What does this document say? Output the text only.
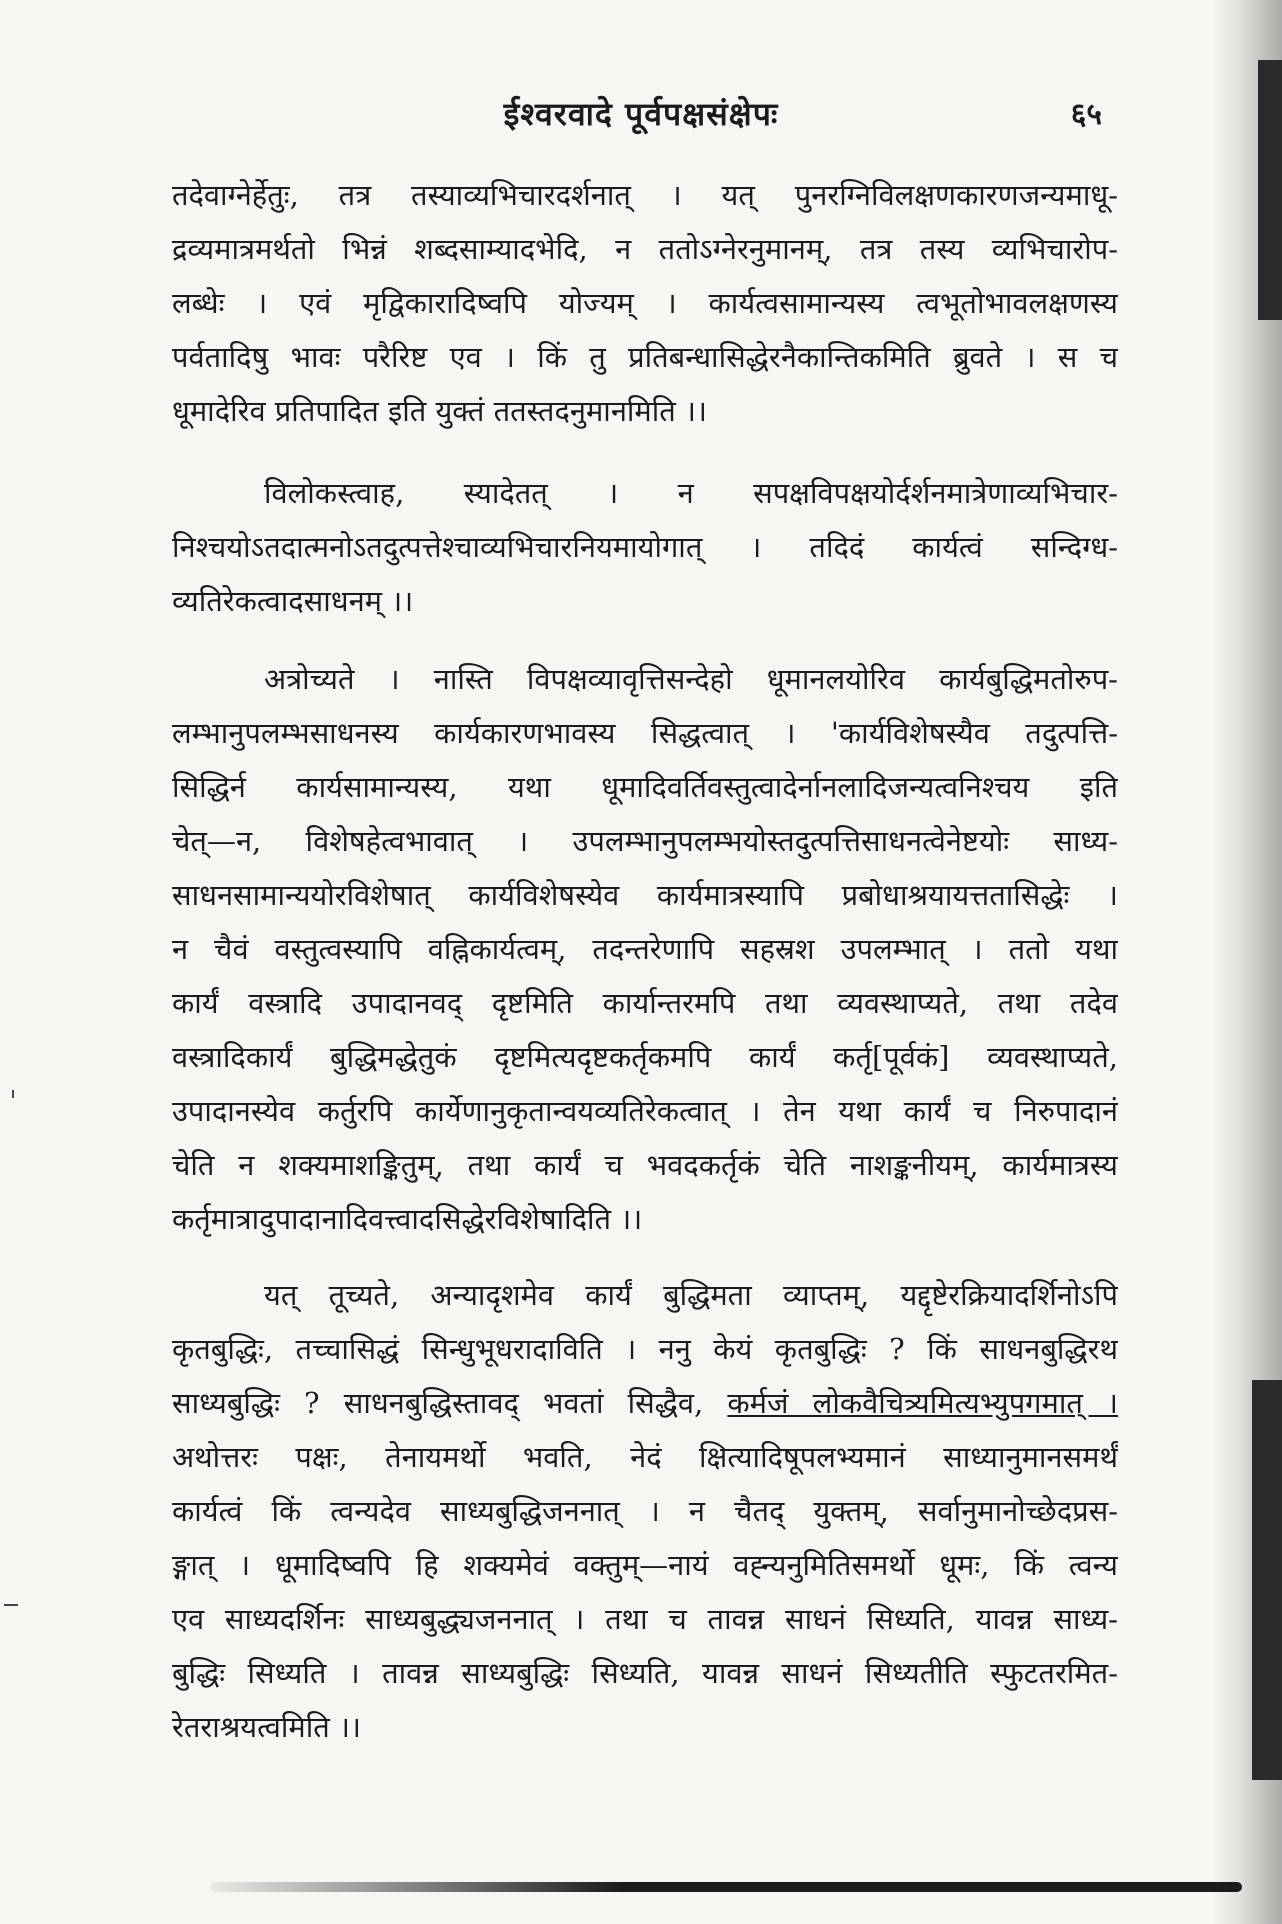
ईश्वरवादे पूर्वपक्षसंक्षेपः	६५
तदेवाग्नेर्हेतुः, तत्र तस्याव्यभिचारदर्शनात् । यत् पुनरग्निविलक्षणकारणजन्यमाधू-
द्रव्यमात्रमर्थतो भिन्नं शब्दसाम्यादभेदि, न ततोऽग्नेरनुमानम्, तत्र तस्य व्यभिचारोप-
लब्धेः । एवं मृद्विकारादिष्वपि योज्यम् । कार्यत्वसामान्यस्य त्वभूतोभावलक्षणस्य
पर्वतादिषु भावः परैरिष्ट एव । किं तु प्रतिबन्धासिद्धेरनैकान्तिकमिति ब्रुवते । स च
धूमादेरिव प्रतिपादित इति युक्तं ततस्तदनुमानमिति ।।
विलोकस्त्वाह, स्यादेतत् । न सपक्षविपक्षयोर्दर्शनमात्रेणाव्यभिचार-
निश्चयोऽतदात्मनोऽतदुत्पत्तेश्चाव्यभिचारनियमायोगात् । तदिदं कार्यत्वं सन्दिग्ध-
व्यतिरेकत्वादसाधनम् ।।
अत्रोच्यते । नास्ति विपक्षव्यावृत्तिसन्देहो धूमानलयोरिव कार्यबुद्धिमतोरुप-
लम्भानुपलम्भसाधनस्य कार्यकारणभावस्य सिद्धत्वात् । 'कार्यविशेषस्यैव तदुत्पत्ति-
सिद्धिर्न कार्यसामान्यस्य, यथा धूमादिवर्तिवस्तुत्वादेर्नानलादिजन्यत्वनिश्चय इति
चेत्—न, विशेषहेत्वभावात् । उपलम्भानुपलम्भयोस्तदुत्पत्तिसाधनत्वेनेष्टयोः साध्य-
साधनसामान्ययोरविशेषात् कार्यविशेषस्येव कार्यमात्रस्यापि प्रबोधाश्रयायत्ततासिद्धेः ।
न चैवं वस्तुत्वस्यापि वह्निकार्यत्वम्, तदन्तरेणापि सहस्रश उपलम्भात् । ततो यथा
कार्यं वस्त्रादि उपादानवद् दृष्टमिति कार्यान्तरमपि तथा व्यवस्थाप्यते, तथा तदेव
वस्त्रादिकार्यं बुद्धिमद्धेतुकं दृष्टमित्यदृष्टकर्तृकमपि कार्यं कर्तृ[पूर्वकं] व्यवस्थाप्यते,
उपादानस्येव कर्तुरपि कार्येणानुकृतान्वयव्यतिरेकत्वात् । तेन यथा कार्यं च निरुपादानं
चेति न शक्यमाशङ्कितुम्, तथा कार्यं च भवदकर्तृकं चेति नाशङ्कनीयम्, कार्यमात्रस्य
कर्तृमात्रादुपादानादिवत्त्वादसिद्धेरविशेषादिति ।।
यत् तूच्यते, अन्यादृशमेव कार्यं बुद्धिमता व्याप्तम्, यद्दृष्टेरक्रियादर्शिनोऽपि
कृतबुद्धिः, तच्चासिद्धं सिन्धुभूधरादाविति । ननु केयं कृतबुद्धिः ? किं साधनबुद्धिरथ
साध्यबुद्धिः ? साधनबुद्धिस्तावद् भवतां सिद्धैव, कर्मजं लोकवैचित्र्यमित्यभ्युपगमात् ।
अथोत्तरः पक्षः, तेनायमर्थो भवति, नेदं क्षित्यादिषूपलभ्यमानं साध्यानुमानसमर्थं
कार्यत्वं किं त्वन्यदेव साध्यबुद्धिजननात् । न चैतद् युक्तम्, सर्वानुमानोच्छेदप्रस-
ङ्गात् । धूमादिष्वपि हि शक्यमेवं वक्तुम्—नायं वह्न्यनुमितिसमर्थो धूमः, किं त्वन्य
एव साध्यदर्शिनः साध्यबुद्ध्यजननात् । तथा च तावन्न साधनं सिध्यति, यावन्न साध्य-
बुद्धिः सिध्यति । तावन्न साध्यबुद्धिः सिध्यति, यावन्न साधनं सिध्यतीति स्फुटतरमित-
रेतराश्रयत्वमिति ।।
